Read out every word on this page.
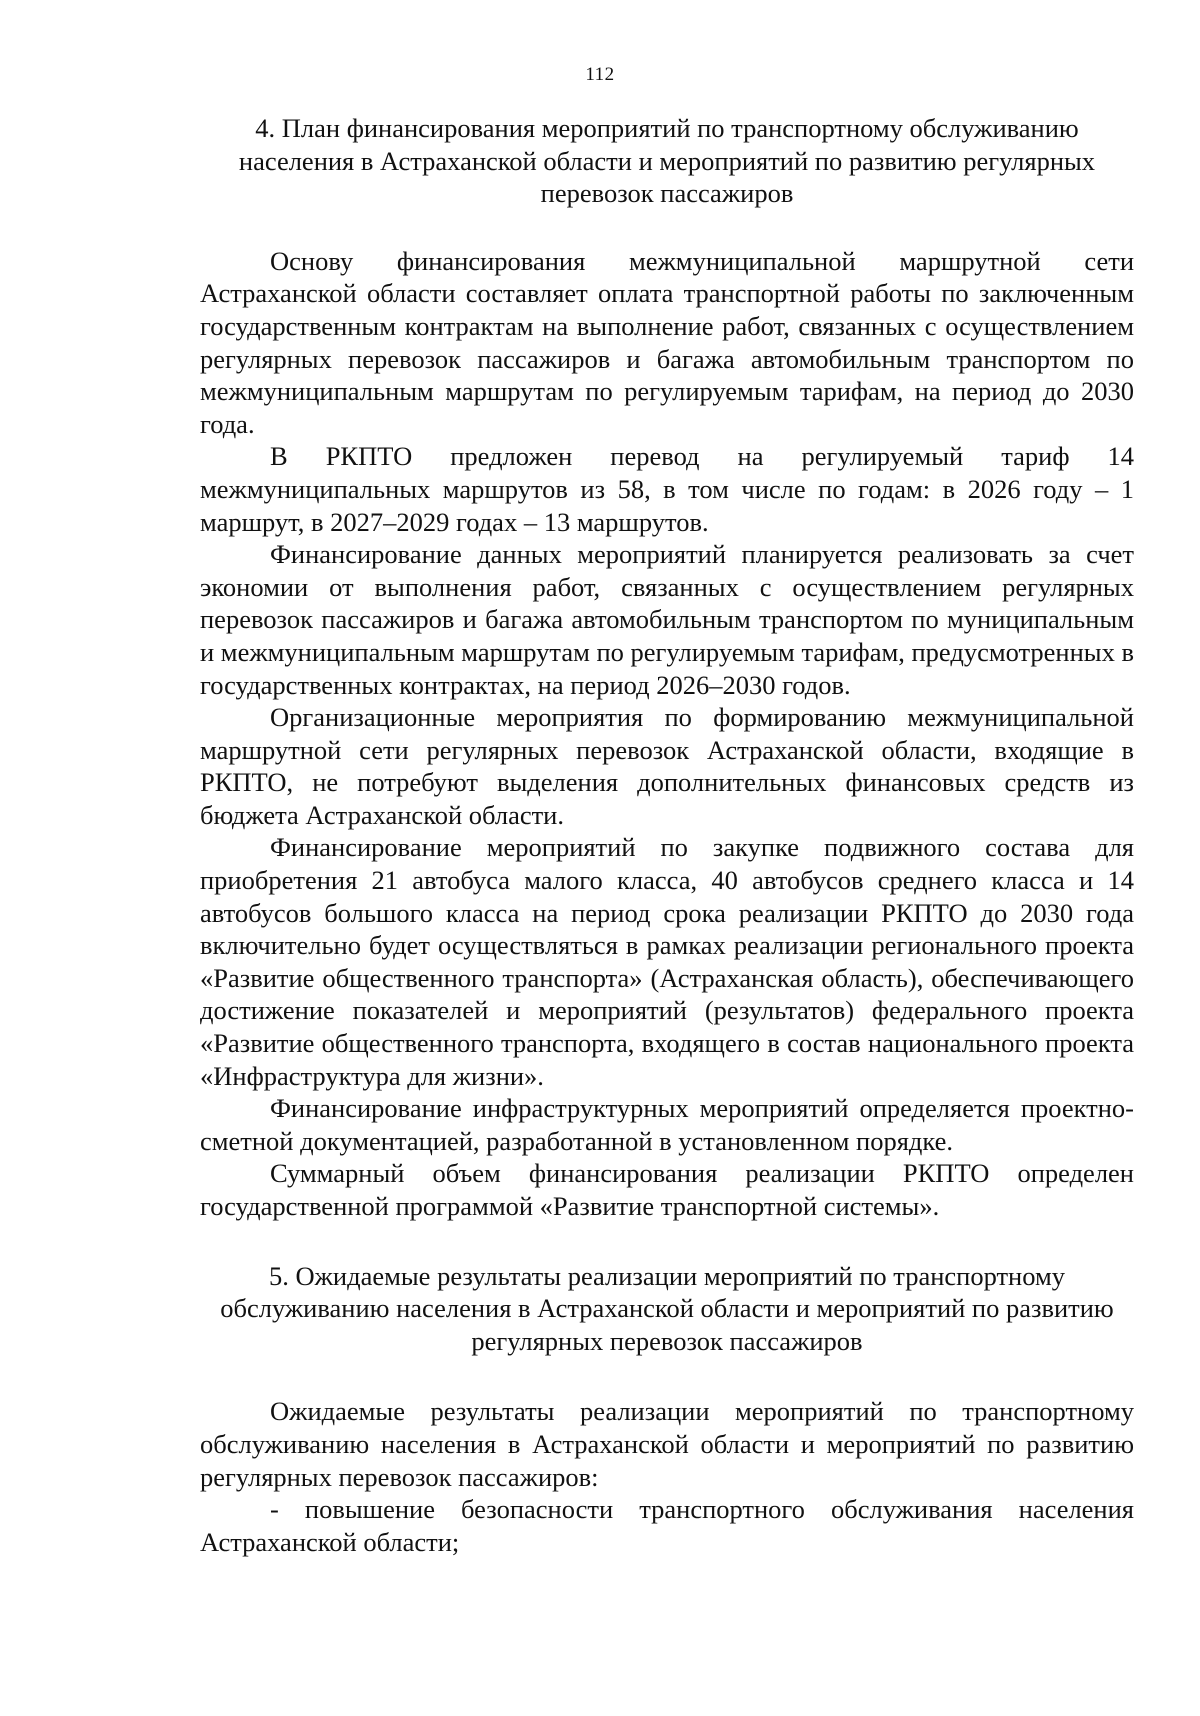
112
4. План финансирования мероприятий по транспортному обслуживанию населения в Астраханской области и мероприятий по развитию регулярных перевозок пассажиров

Основу финансирования межмуниципальной маршрутной сети Астраханской области составляет оплата транспортной работы по заключенным государственным контрактам на выполнение работ, связанных с осуществлением регулярных перевозок пассажиров и багажа автомобильным транспортом по межмуниципальным маршрутам по регулируемым тарифам, на период до 2030 года.

В РКПТО предложен перевод на регулируемый тариф 14 межмуниципальных маршрутов из 58, в том числе по годам: в 2026 году – 1 маршрут, в 2027–2029 годах – 13 маршрутов.

Финансирование данных мероприятий планируется реализовать за счет экономии от выполнения работ, связанных с осуществлением регулярных перевозок пассажиров и багажа автомобильным транспортом по муниципальным и межмуниципальным маршрутам по регулируемым тарифам, предусмотренных в государственных контрактах, на период 2026–2030 годов.

Организационные мероприятия по формированию межмуниципальной маршрутной сети регулярных перевозок Астраханской области, входящие в РКПТО, не потребуют выделения дополнительных финансовых средств из бюджета Астраханской области.

Финансирование мероприятий по закупке подвижного состава для приобретения 21 автобуса малого класса, 40 автобусов среднего класса и 14 автобусов большого класса на период срока реализации РКПТО до 2030 года включительно будет осуществляться в рамках реализации регионального проекта «Развитие общественного транспорта» (Астраханская область), обеспечивающего достижение показателей и мероприятий (результатов) федерального проекта «Развитие общественного транспорта, входящего в состав национального проекта «Инфраструктура для жизни».

Финансирование инфраструктурных мероприятий определяется проектно-сметной документацией, разработанной в установленном порядке.

Суммарный объем финансирования реализации РКПТО определен государственной программой «Развитие транспортной системы».

5. Ожидаемые результаты реализации мероприятий по транспортному обслуживанию населения в Астраханской области и мероприятий по развитию регулярных перевозок пассажиров

Ожидаемые результаты реализации мероприятий по транспортному обслуживанию населения в Астраханской области и мероприятий по развитию регулярных перевозок пассажиров:

- повышение безопасности транспортного обслуживания населения Астраханской области;
